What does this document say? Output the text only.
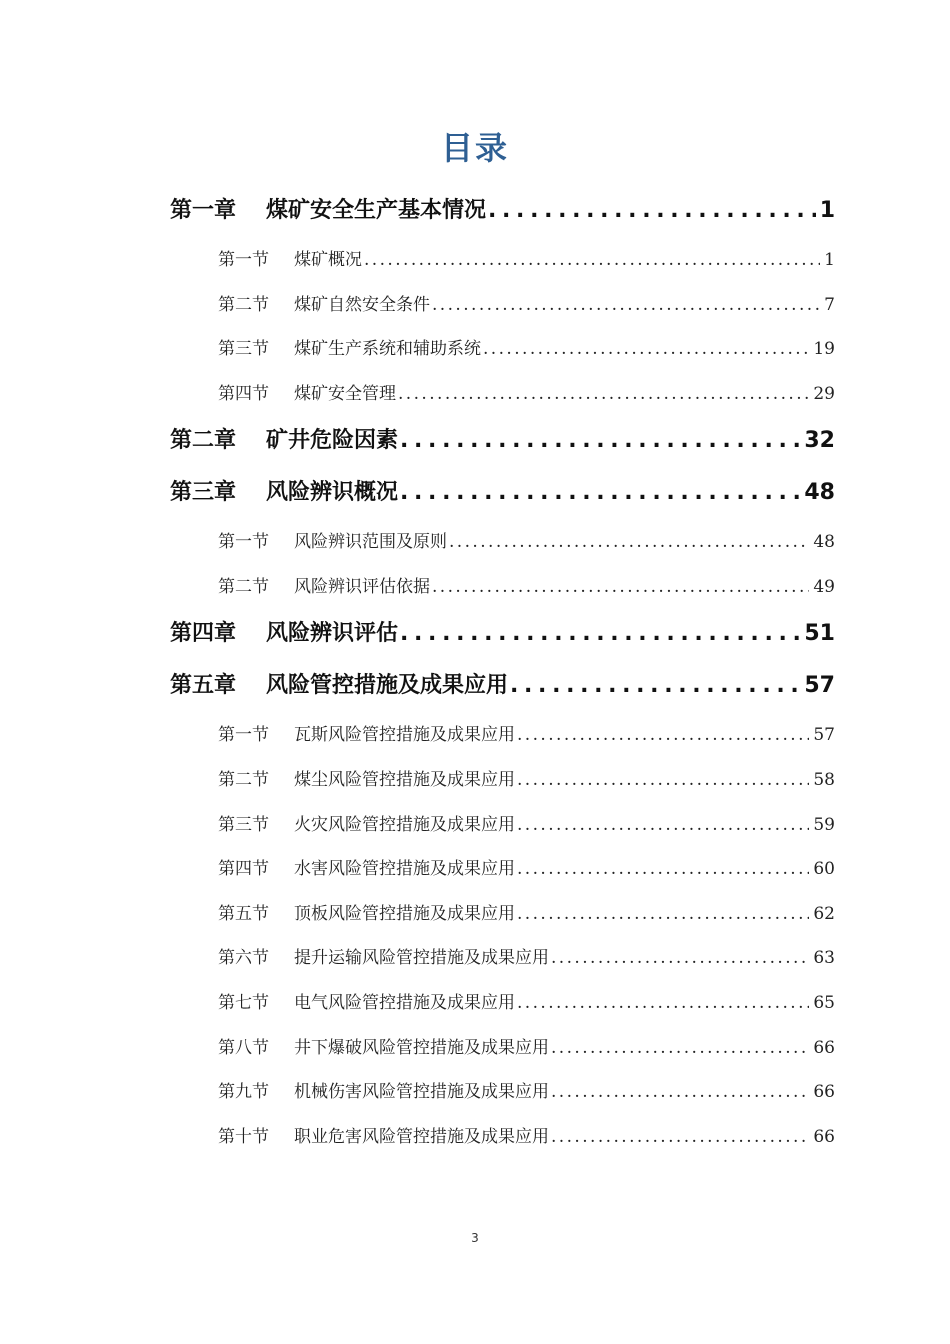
目录
第一章	煤矿安全生产基本情况 . . .	1
第一节	煤矿概况 . . .	1
第二节	煤矿自然安全条件 . . .	7
第三节	煤矿生产系统和辅助系统 . . .	19
第四节	煤矿安全管理 . . .	29
第二章	矿井危险因素 . . .	32
第三章	风险辨识概况 . . .	48
第一节	风险辨识范围及原则 . . .	48
第二节	风险辨识评估依据 . . .	49
第四章	风险辨识评估 . . .	51
第五章	风险管控措施及成果应用 . . .	57
第一节	瓦斯风险管控措施及成果应用 . . .	57
第二节	煤尘风险管控措施及成果应用 . . .	58
第三节	火灾风险管控措施及成果应用 . . .	59
第四节	水害风险管控措施及成果应用 . . .	60
第五节	顶板风险管控措施及成果应用 . . .	62
第六节	提升运输风险管控措施及成果应用 . . .	63
第七节	电气风险管控措施及成果应用 . . .	65
第八节	井下爆破风险管控措施及成果应用 . . .	66
第九节	机械伤害风险管控措施及成果应用 . . .	66
第十节	职业危害风险管控措施及成果应用 . . .	66
3
